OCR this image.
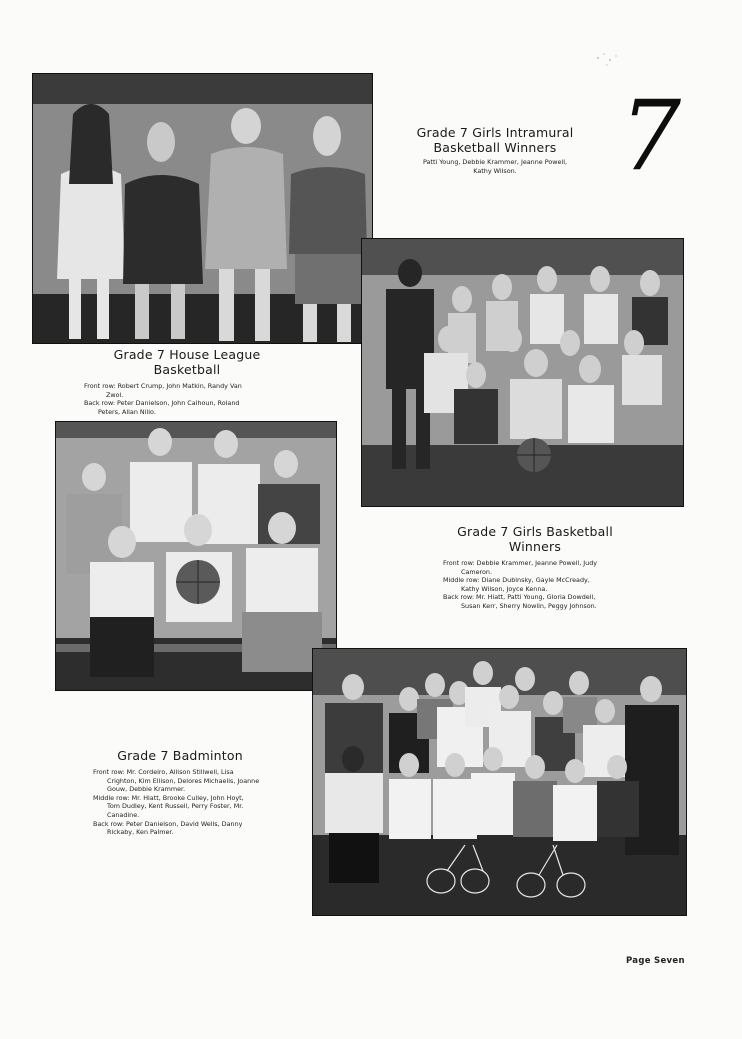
7
Grade 7 Girls Intramural Basketball Winners

Patti Young, Debbie Krammer, Jeanne Powell,

Kathy Wilson.

Grade 7 House League Basketball

Front row: Robert Crump, John Matkin, Randy Van

Zwol.

Back row: Peter Danielson, John Calhoun, Roland

Peters, Allan Nillo.

Grade 7 Girls Basketball Winners

Front row: Debbie Krammer, Jeanne Powell, Judy

Cameron.

Middle row: Diane Dubinsky, Gayle McCready,

Kathy Wilson, Joyce Kenna.

Back row: Mr. Hiatt, Patti Young, Gloria Dowdell,

Susan Kerr, Sherry Nowlin, Peggy Johnson.

Grade 7 Badminton

Front row: Mr. Cordeiro, Allison Stillwell, Lisa

Crighton, Kim Ellison, Delores Michaelis, Joanne

Gouw, Debbie Krammer.

Middle row: Mr. Hiatt, Brooke Culley, John Hoyt,

Tom Dudley, Kent Russell, Perry Foster, Mr.

Canadine.

Back row: Peter Danielson, David Wells, Danny

Rickaby, Ken Palmer.

Page Seven
